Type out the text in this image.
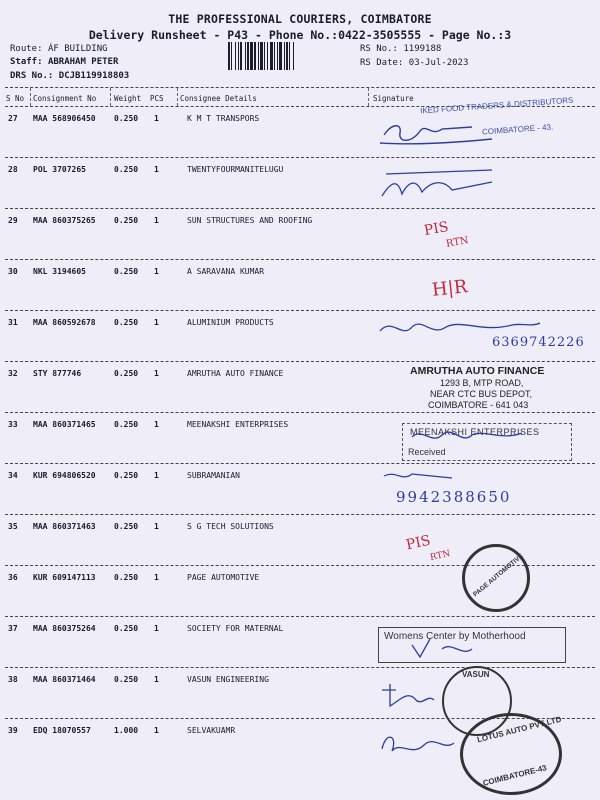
THE PROFESSIONAL COURIERS, COIMBATORE
Delivery Runsheet - P43 - Phone No.:0422-3505555 - Page No.:3
Route: ÁF BUILDING
Staff: ABRAHAM PETER
DRS No.: DCJB119918803
RS No.: 1199188
RS Date: 03-Jul-2023
S No Consignment No Weight PCS Consignee Details	Signature
27 MAA 568906450 0.250 1	K M T TRANSPORS
IKED FOOD TRADERS & DISTRIBUTORS
COIMBATORE - 43.
28 POL 3707265	0.250 1	TWENTYFOURMANITELUGU
29 MAA 860375265 0.250 1	SUN STRUCTURES AND ROOFING	PIS
RTN
30 NKL 3194605	0.250 1	A SARAVANA KUMAR
H|R
31 MAA 860592678 0.250 1	ALUMINIUM PRODUCTS
6369742226
32 STY 877746	0.250 1	AMRUTHA AUTO FINANCE	AMRUTHA AUTO FINANCE
1293 B, MTP ROAD,
NEAR CTC BUS DEPOT,
COIMBATORE - 641 043
33 MAA 860371465 0.250 1	MEENAKSHI ENTERPRISES
MEENAKSHI ENTERPRISES
Received
34 KUR 694806520 0.250 1	SUBRAMANIAN
9942388650
35 MAA 860371463 0.250 1	S G TECH SOLUTIONS
PIS
RTN
36 KUR 609147113 0.250 1	PAGE AUTOMOTIVE	PAGE AUTOMOTIVE
37 MAA 860375264 0.250 1	SOCIETY FOR MATERNAL
Womens Center by Motherhood
38 MAA 860371464 0.250 1	VASUN ENGINEERING
VASUN
39 EDQ 18070557	1.000 1	SELVAKUAMR	LOTUS AUTO PVT LTD
COIMBATORE-43
